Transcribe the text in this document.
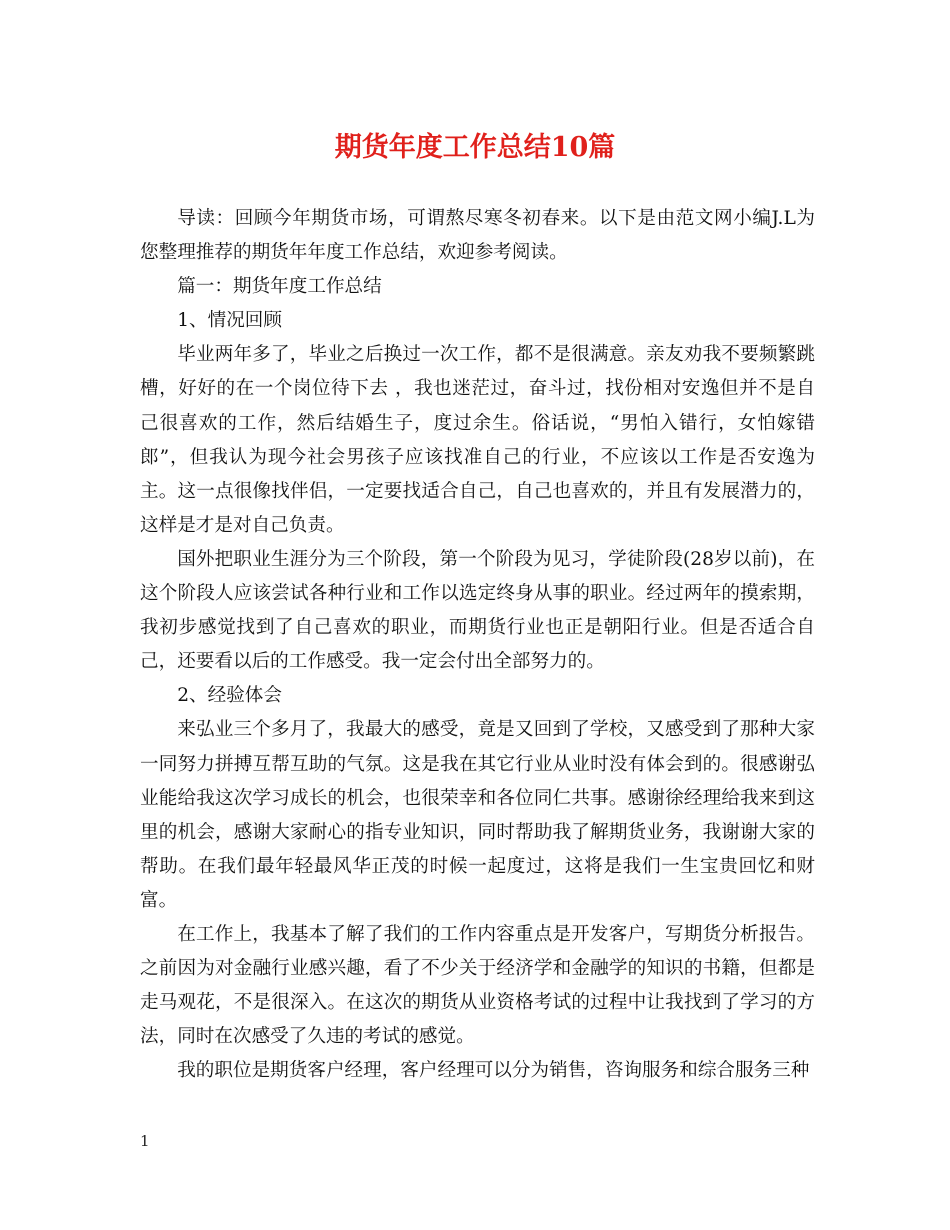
期货年度工作总结10篇

导读：回顾今年期货市场，可谓熬尽寒冬初春来。以下是由范文网小编J.L为您整理推荐的期货年年度工作总结，欢迎参考阅读。

篇一：期货年度工作总结

1、情况回顾

毕业两年多了，毕业之后换过一次工作，都不是很满意。亲友劝我不要频繁跳槽，好好的在一个岗位待下去 ，我也迷茫过，奋斗过，找份相对安逸但并不是自己很喜欢的工作，然后结婚生子，度过余生。俗话说，“男怕入错行，女怕嫁错郎”，但我认为现今社会男孩子应该找准自己的行业，不应该以工作是否安逸为主。这一点很像找伴侣，一定要找适合自己，自己也喜欢的，并且有发展潜力的，这样是才是对自己负责。

国外把职业生涯分为三个阶段，第一个阶段为见习，学徒阶段(28岁以前)，在这个阶段人应该尝试各种行业和工作以选定终身从事的职业。经过两年的摸索期，我初步感觉找到了自己喜欢的职业，而期货行业也正是朝阳行业。但是否适合自己，还要看以后的工作感受。我一定会付出全部努力的。

2、经验体会

来弘业三个多月了，我最大的感受，竟是又回到了学校，又感受到了那种大家一同努力拼搏互帮互助的气氛。这是我在其它行业从业时没有体会到的。很感谢弘业能给我这次学习成长的机会，也很荣幸和各位同仁共事。感谢徐经理给我来到这里的机会，感谢大家耐心的指专业知识，同时帮助我了解期货业务，我谢谢大家的帮助。在我们最年轻最风华正茂的时候一起度过，这将是我们一生宝贵回忆和财富。

在工作上，我基本了解了我们的工作内容重点是开发客户，写期货分析报告。之前因为对金融行业感兴趣，看了不少关于经济学和金融学的知识的书籍，但都是走马观花，不是很深入。在这次的期货从业资格考试的过程中让我找到了学习的方法，同时在次感受了久违的考试的感觉。

我的职位是期货客户经理，客户经理可以分为销售，咨询服务和综合服务三种

1
